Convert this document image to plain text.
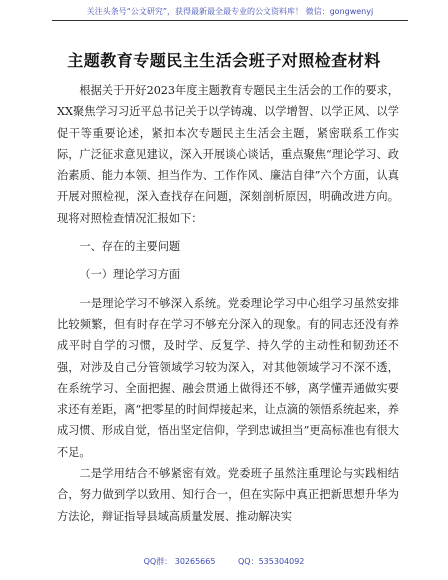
关注头条号“公文研究”，获得最新最全最专业的公文资料库！ 微信：gongwenyj
主题教育专题民主生活会班子对照检查材料

根据关于开好2023年度主题教育专题民主生活会的工作的要求，XX聚焦学习习近平总书记关于以学铸魂、以学增智、以学正风、以学促干等重要论述，紧扣本次专题民主生活会主题，紧密联系工作实际，广泛征求意见建议，深入开展谈心谈话，重点聚焦“理论学习、政治素质、能力本领、担当作为、工作作风、廉洁自律”六个方面，认真开展对照检视，深入查找存在问题，深刻剖析原因，明确改进方向。现将对照检查情况汇报如下：

一、存在的主要问题

（一）理论学习方面

一是理论学习不够深入系统。党委理论学习中心组学习虽然安排比较频繁，但有时存在学习不够充分深入的现象。有的同志还没有养成平时自学的习惯，及时学、反复学、持久学的主动性和韧劲还不强，对涉及自己分管领域学习较为深入，对其他领域学习不深不透，在系统学习、全面把握、融会贯通上做得还不够，离学懂弄通做实要求还有差距，离“把零星的时间焊接起来，让点滴的领悟系统起来，养成习惯、形成自觉，悟出坚定信仰，学到忠诚担当”更高标准也有很大不足。

二是学用结合不够紧密有效。党委班子虽然注重理论与实践相结合，努力做到学以致用、知行合一，但在实际中真正把新思想升华为方法论，辩证指导县域高质量发展、推动解决实

QQ群： 30265665	QQ：535304092
